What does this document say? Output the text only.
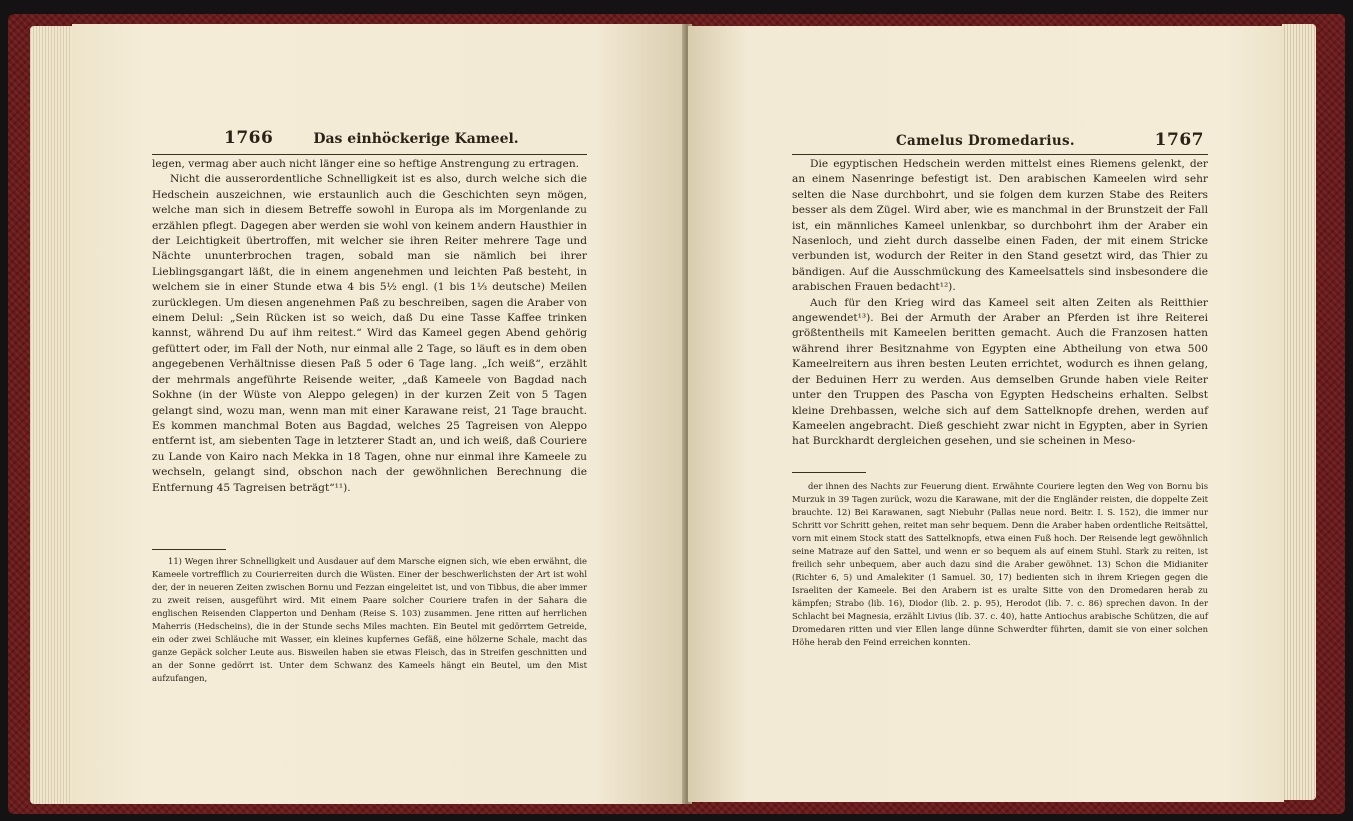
1766	Das einhöckerige Kameel.

legen, vermag aber auch nicht länger eine so heftige Anstrengung zu ertragen.

Nicht die ausserordentliche Schnelligkeit ist es also, durch welche sich die Hedschein auszeichnen, wie erstaunlich auch die Geschichten seyn mögen, welche man sich in diesem Betreffe sowohl in Europa als im Morgenlande zu erzählen pflegt. Dagegen aber werden sie wohl von keinem andern Hausthier in der Leichtigkeit übertroffen, mit welcher sie ihren Reiter mehrere Tage und Nächte ununterbrochen tragen, sobald man sie nämlich bei ihrer Lieblingsgangart läßt, die in einem angenehmen und leichten Paß besteht, in welchem sie in einer Stunde etwa 4 bis 5½ engl. (1 bis 1⅓ deutsche) Meilen zurücklegen. Um diesen angenehmen Paß zu beschreiben, sagen die Araber von einem Delul: „Sein Rücken ist so weich, daß Du eine Tasse Kaffee trinken kannst, während Du auf ihm reitest.“ Wird das Kameel gegen Abend gehörig gefüttert oder, im Fall der Noth, nur einmal alle 2 Tage, so läuft es in dem oben angegebenen Verhältnisse diesen Paß 5 oder 6 Tage lang. „Ich weiß“, erzählt der mehrmals angeführte Reisende weiter, „daß Kameele von Bagdad nach Sokhne (in der Wüste von Aleppo gelegen) in der kurzen Zeit von 5 Tagen gelangt sind, wozu man, wenn man mit einer Karawane reist, 21 Tage braucht. Es kommen manchmal Boten aus Bagdad, welches 25 Tagreisen von Aleppo entfernt ist, am siebenten Tage in letzterer Stadt an, und ich weiß, daß Couriere zu Lande von Kairo nach Mekka in 18 Tagen, ohne nur einmal ihre Kameele zu wechseln, gelangt sind, obschon nach der gewöhnlichen Berechnung die Entfernung 45 Tagreisen beträgt“¹¹).

11) Wegen ihrer Schnelligkeit und Ausdauer auf dem Marsche eignen sich, wie eben erwähnt, die Kameele vortrefflich zu Courierreiten durch die Wüsten. Einer der beschwerlichsten der Art ist wohl der, der in neueren Zeiten zwischen Bornu und Fezzan eingeleitet ist, und von Tibbus, die aber immer zu zweit reisen, ausgeführt wird. Mit einem Paare solcher Couriere trafen in der Sahara die englischen Reisenden Clapperton und Denham (Reise S. 103) zusammen. Jene ritten auf herrlichen Maherris (Hedscheins), die in der Stunde sechs Miles machten. Ein Beutel mit gedörrtem Getreide, ein oder zwei Schläuche mit Wasser, ein kleines kupfernes Gefäß, eine hölzerne Schale, macht das ganze Gepäck solcher Leute aus. Bisweilen haben sie etwas Fleisch, das in Streifen geschnitten und an der Sonne gedörrt ist. Unter dem Schwanz des Kameels hängt ein Beutel, um den Mist aufzufangen,

Camelus Dromedarius.	1767

Die egyptischen Hedschein werden mittelst eines Riemens gelenkt, der an einem Nasenringe befestigt ist. Den arabischen Kameelen wird sehr selten die Nase durchbohrt, und sie folgen dem kurzen Stabe des Reiters besser als dem Zügel. Wird aber, wie es manchmal in der Brunstzeit der Fall ist, ein männliches Kameel unlenkbar, so durchbohrt ihm der Araber ein Nasenloch, und zieht durch dasselbe einen Faden, der mit einem Stricke verbunden ist, wodurch der Reiter in den Stand gesetzt wird, das Thier zu bändigen. Auf die Ausschmückung des Kameelsattels sind insbesondere die arabischen Frauen bedacht¹²).

Auch für den Krieg wird das Kameel seit alten Zeiten als Reitthier angewendet¹³). Bei der Armuth der Araber an Pferden ist ihre Reiterei größtentheils mit Kameelen beritten gemacht. Auch die Franzosen hatten während ihrer Besitznahme von Egypten eine Abtheilung von etwa 500 Kameelreitern aus ihren besten Leuten errichtet, wodurch es ihnen gelang, der Beduinen Herr zu werden. Aus demselben Grunde haben viele Reiter unter den Truppen des Pascha von Egypten Hedscheins erhalten. Selbst kleine Drehbassen, welche sich auf dem Sattelknopfe drehen, werden auf Kameelen angebracht. Dieß geschieht zwar nicht in Egypten, aber in Syrien hat Burckhardt dergleichen gesehen, und sie scheinen in Meso-

der ihnen des Nachts zur Feuerung dient. Erwähnte Couriere legten den Weg von Bornu bis Murzuk in 39 Tagen zurück, wozu die Karawane, mit der die Engländer reisten, die doppelte Zeit brauchte. 12) Bei Karawanen, sagt Niebuhr (Pallas neue nord. Beitr. I. S. 152), die immer nur Schritt vor Schritt gehen, reitet man sehr bequem. Denn die Araber haben ordentliche Reitsättel, vorn mit einem Stock statt des Sattelknopfs, etwa einen Fuß hoch. Der Reisende legt gewöhnlich seine Matraze auf den Sattel, und wenn er so bequem als auf einem Stuhl. Stark zu reiten, ist freilich sehr unbequem, aber auch dazu sind die Araber gewöhnet. 13) Schon die Midianiter (Richter 6, 5) und Amalekiter (1 Samuel. 30, 17) bedienten sich in ihrem Kriegen gegen die Israeliten der Kameele. Bei den Arabern ist es uralte Sitte von den Dromedaren herab zu kämpfen; Strabo (lib. 16), Diodor (lib. 2. p. 95), Herodot (lib. 7. c. 86) sprechen davon. In der Schlacht bei Magnesia, erzählt Livius (lib. 37. c. 40), hatte Antiochus arabische Schützen, die auf Dromedaren ritten und vier Ellen lange dünne Schwerdter führten, damit sie von einer solchen Höhe herab den Feind erreichen konnten.
